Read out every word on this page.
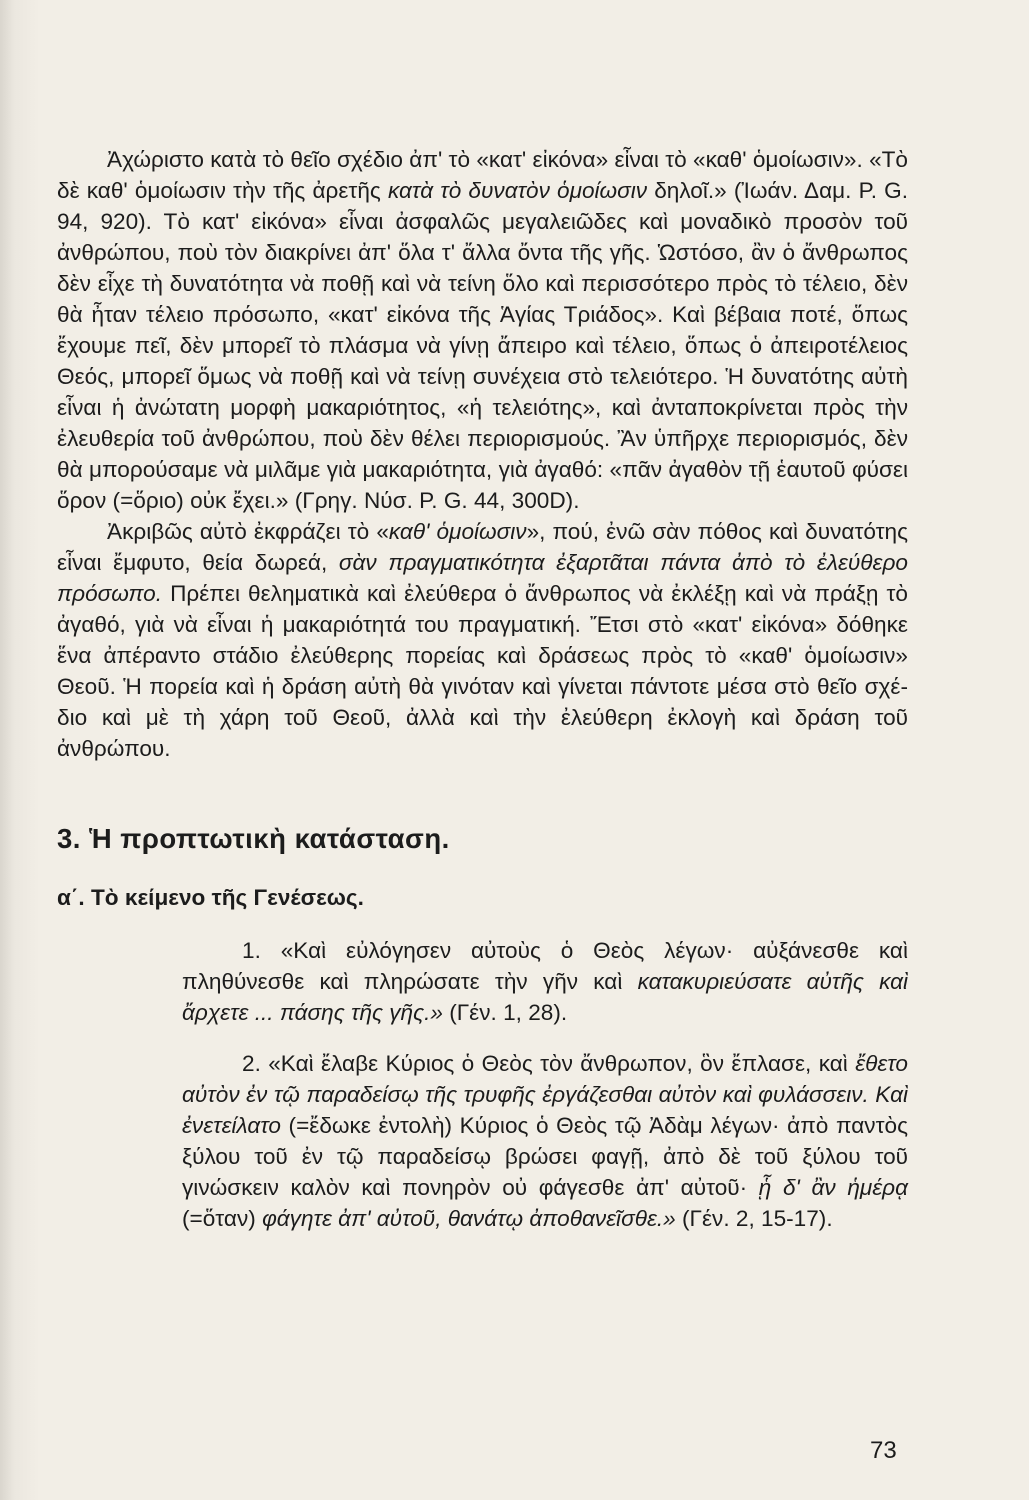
Ἀχώριστο κατὰ τὸ θεῖο σχέδιο ἀπ' τὸ «κατ' εἰκόνα» εἶναι τὸ «καθ' ὁμοίωσιν». «Τὸ δὲ καθ' ὁμοίωσιν τὴν τῆς ἀρετῆς κατὰ τὸ δυνατὸν ὁμοίωσιν δηλοῖ.» (Ἰωάν. Δαμ. P. G. 94, 920). Τὸ κατ' εἰκόνα» εἶναι ἀσφαλῶς μεγαλειῶδες καὶ μοναδικὸ προσὸν τοῦ ἀνθρώπου, ποὺ τὸν διακρίνει ἀπ' ὅλα τ' ἄλλα ὄντα τῆς γῆς. Ὡστόσο, ἂν ὁ ἄνθρωπος δὲν εἶχε τὴ δυνατότητα νὰ ποθῇ καὶ νὰ τείνη ὅλο καὶ περισσότερο πρὸς τὸ τέλειο, δὲν θὰ ἦταν τέλειο πρόσωπο, «κατ' εἰκόνα τῆς Ἁγίας Τριάδος». Καὶ βέβαια ποτέ, ὅπως ἔχουμε πεῖ, δὲν μπορεῖ τὸ πλάσμα νὰ γίνῃ ἄπειρο καὶ τέλειο, ὅπως ὁ ἀπειροτέλειος Θεός, μπορεῖ ὅμως νὰ ποθῇ καὶ νὰ τείνῃ συνέχεια στὸ τελειότερο. Ἡ δυνατότης αὐτὴ εἶναι ἡ ἀνώτατη μορφὴ μακαριότητος, «ἡ τελειότης», καὶ ἀνταποκρίνεται πρὸς τὴν ἐλευθερία τοῦ ἀνθρώπου, ποὺ δὲν θέλει περιορισμούς. Ἂν ὑπῆρχε περιορισμός, δὲν θὰ μπορούσαμε νὰ μιλᾶμε γιὰ μακαριότητα, γιὰ ἀγαθό: «πᾶν ἀγαθὸν τῇ ἑαυτοῦ φύσει ὅρον (=ὅριο) οὐκ ἔχει.» (Γρηγ. Νύσ. P. G. 44, 300D).

Ἀκριβῶς αὐτὸ ἐκφράζει τὸ «καθ' ὁμοίωσιν», πού, ἐνῶ σὰν πόθος καὶ δυνατότης εἶναι ἔμφυτο, θεία δωρεά, σὰν πραγματικότητα ἐξαρτᾶται πάντα ἀπὸ τὸ ἐλεύθερο πρόσωπο. Πρέπει θεληματικὰ καὶ ἐλεύθερα ὁ ἄνθρωπος νὰ ἐκλέξῃ καὶ νὰ πράξῃ τὸ ἀγαθό, γιὰ νὰ εἶναι ἡ μακαριότητά του πραγματική. Ἔτσι στὸ «κατ' εἰκόνα» δόθηκε ἕνα ἀπέραντο στάδιο ἐλεύθερης πορείας καὶ δράσεως πρὸς τὸ «καθ' ὁμοίωσιν» Θεοῦ. Ἡ πορεία καὶ ἡ δράση αὐτὴ θὰ γινόταν καὶ γίνεται πάντοτε μέσα στὸ θεῖο σχέδιο καὶ μὲ τὴ χάρη τοῦ Θεοῦ, ἀλλὰ καὶ τὴν ἐλεύθερη ἐκλογὴ καὶ δράση τοῦ ἀνθρώπου.

3. Ἡ προπτωτικὴ κατάσταση.
α΄. Τὸ κείμενο τῆς Γενέσεως.

1. «Καὶ εὐλόγησεν αὐτοὺς ὁ Θεὸς λέγων· αὐξάνεσθε καὶ πληθύνεσθε καὶ πληρώσατε τὴν γῆν καὶ κατακυριεύσατε αὐτῆς καὶ ἄρχετε ... πάσης τῆς γῆς.» (Γέν. 1, 28).

2. «Καὶ ἔλαβε Κύριος ὁ Θεὸς τὸν ἄνθρωπον, ὃν ἔπλασε, καὶ ἔθετο αὐτὸν ἐν τῷ παραδείσῳ τῆς τρυφῆς ἐργάζεσθαι αὐτὸν καὶ φυλάσσειν. Καὶ ἐνετείλατο (=ἔδωκε ἐντολὴ) Κύριος ὁ Θεὸς τῷ Ἀδὰμ λέγων· ἀπὸ παντὸς ξύλου τοῦ ἐν τῷ παραδείσῳ βρώσει φαγῇ, ἀπὸ δὲ τοῦ ξύλου τοῦ γινώσκειν καλὸν καὶ πονηρὸν οὐ φάγεσθε ἀπ' αὐτοῦ· ᾗ δ' ἂν ἡμέρᾳ (=ὅταν) φάγητε ἀπ' αὐτοῦ, θανάτῳ ἀποθανεῖσθε.» (Γέν. 2, 15-17).

73
